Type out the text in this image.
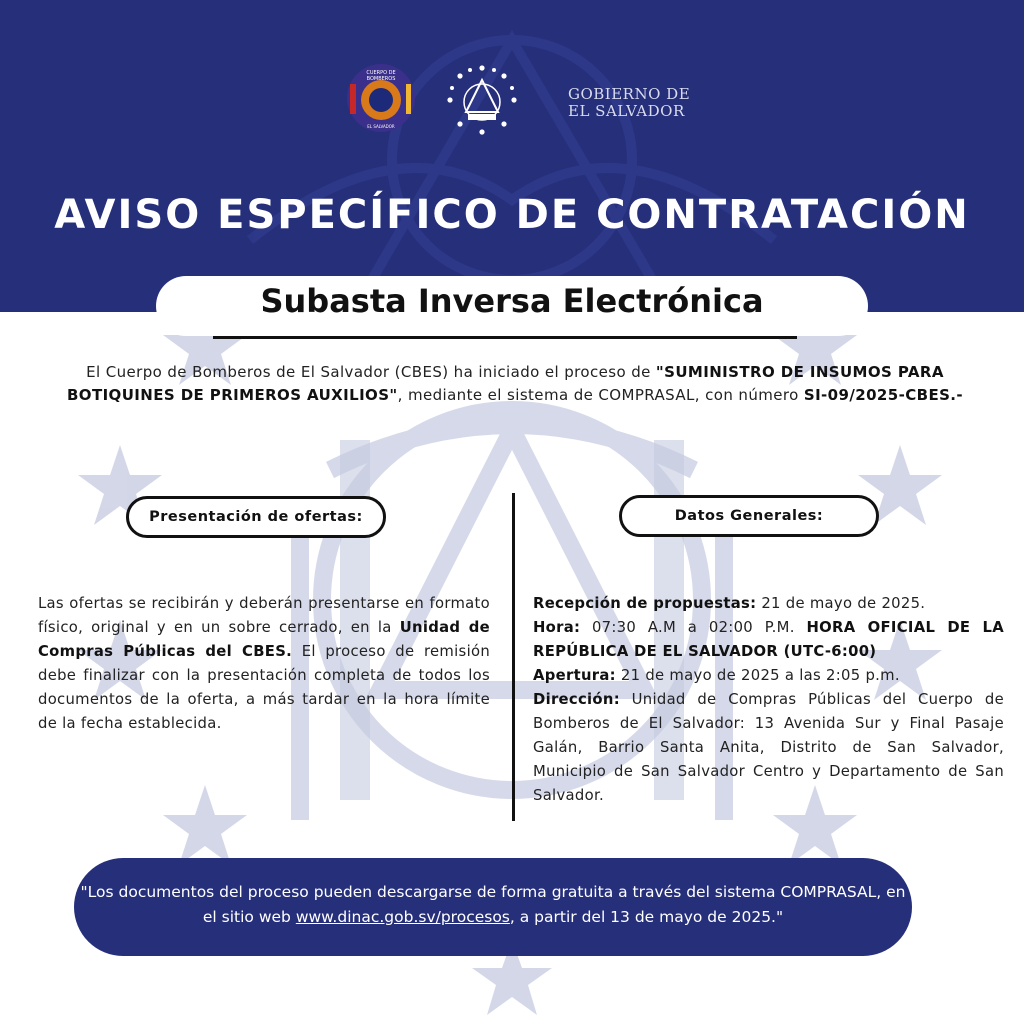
CUERPO DE
BOMBEROS
EL SALVADOR
GOBIERNO DE
EL SALVADOR
AVISO ESPECÍFICO DE CONTRATACIÓN
Subasta Inversa Electrónica
El Cuerpo de Bomberos de El Salvador (CBES) ha iniciado el proceso de "SUMINISTRO DE INSUMOS PARA BOTIQUINES DE PRIMEROS AUXILIOS", mediante el sistema de COMPRASAL, con número SI-09/2025-CBES.-
Presentación de ofertas:	Datos Generales:
Las ofertas se recibirán y deberán presentarse en formato físico, original y en un sobre cerrado, en la Unidad de Compras Públicas del CBES. El proceso de remisión debe finalizar con la presentación completa de todos los documentos de la oferta, a más tardar en la hora límite de la fecha establecida.

Recepción de propuestas: 21 de mayo de 2025.

Hora: 07:30 A.M a 02:00 P.M. HORA OFICIAL DE LA REPÚBLICA DE EL SALVADOR (UTC-6:00)

Apertura: 21 de mayo de 2025 a las 2:05 p.m.

Dirección: Unidad de Compras Públicas del Cuerpo de Bomberos de El Salvador: 13 Avenida Sur y Final Pasaje Galán, Barrio Santa Anita, Distrito de San Salvador, Municipio de San Salvador Centro y Departamento de San Salvador.

"Los documentos del proceso pueden descargarse de forma gratuita a través del sistema COMPRASAL, en el sitio web www.dinac.gob.sv/procesos, a partir del 13 de mayo de 2025."
